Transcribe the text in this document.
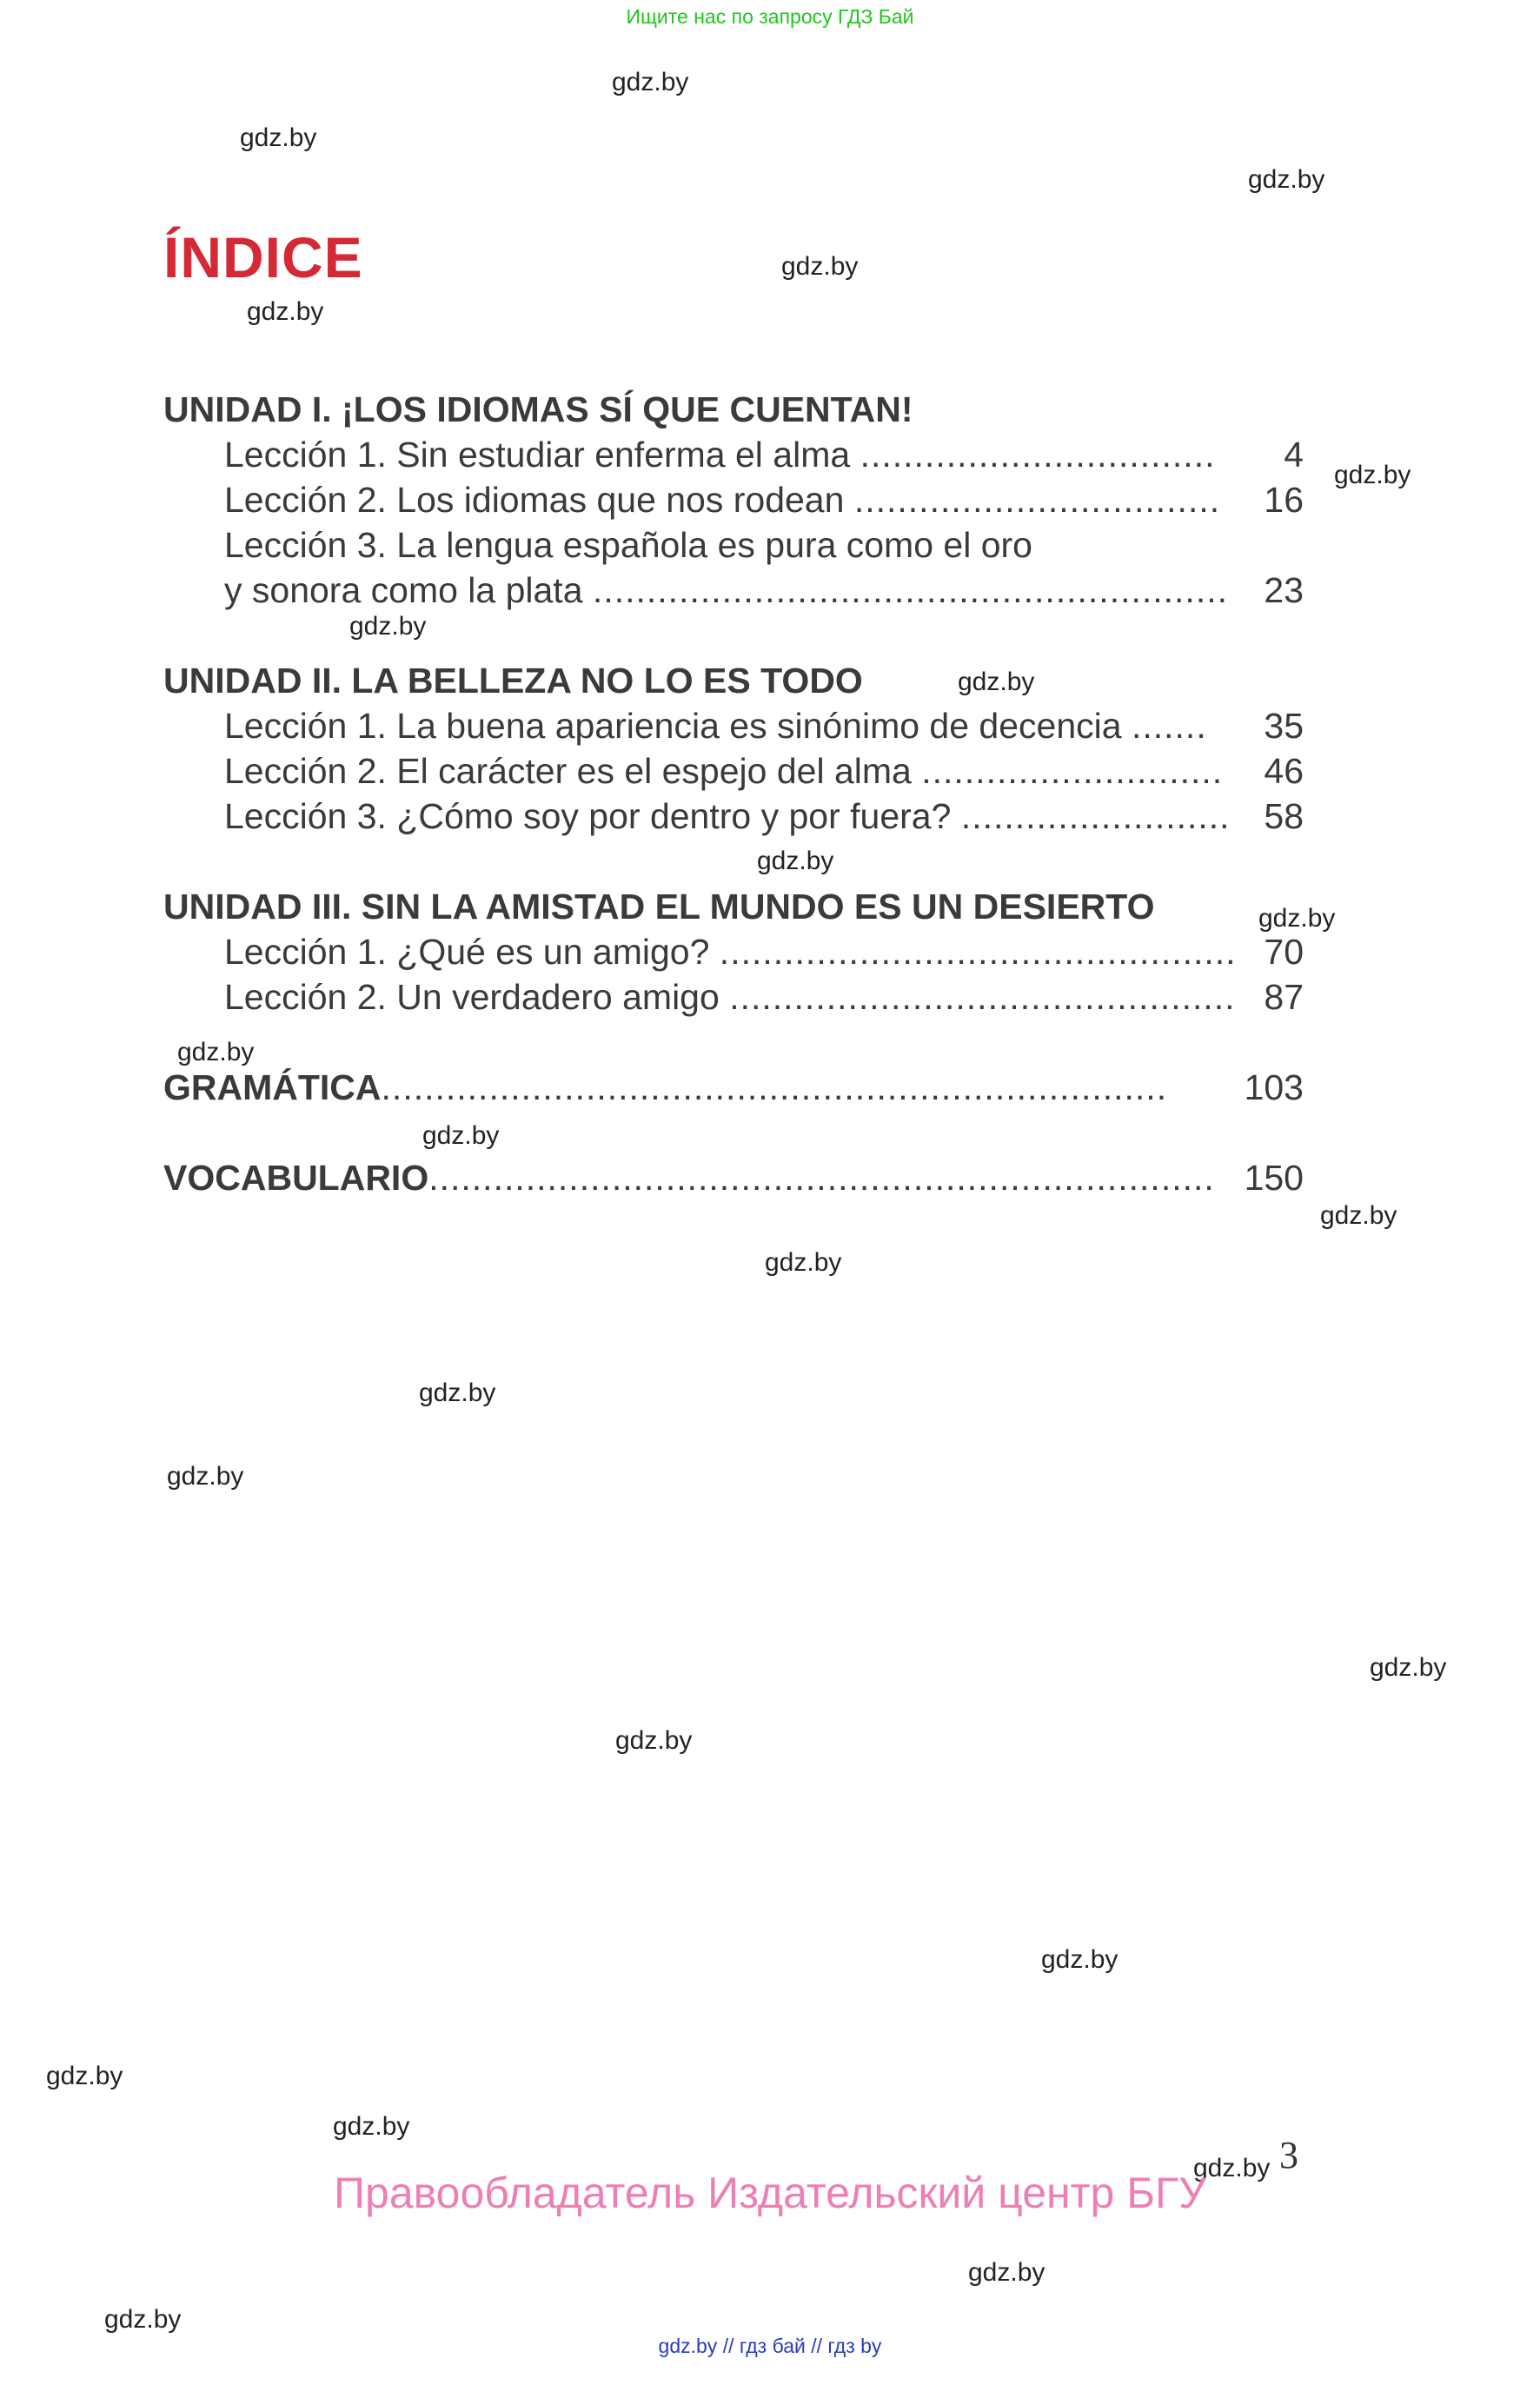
Ищите нас по запросу ГДЗ Бай
gdz.by
gdz.by
gdz.by
gdz.by
gdz.by
gdz.by
gdz.by
gdz.by
gdz.by
gdz.by
gdz.by
gdz.by
gdz.by
gdz.by
gdz.by
gdz.by
gdz.by
gdz.by
gdz.by
gdz.by
gdz.by
gdz.by
gdz.by
gdz.by
ÍNDICE
UNIDAD I. ¡LOS IDIOMAS SÍ QUE CUENTAN!
Lección 1. Sin estudiar enferma el alma .................................	4
Lección 2. Los idiomas que nos rodean ..................................	16
Lección 3. La lengua española es pura como el oro
y sonora como la plata ...........................................................	23
UNIDAD II. LA BELLEZA NO LO ES TODO
Lección 1. La buena apariencia es sinónimo de decencia .......	35
Lección 2. El carácter es el espejo del alma ............................	46
Lección 3. ¿Cómo soy por dentro y por fuera? ......................... 58
UNIDAD III. SIN LA AMISTAD EL MUNDO ES UN DESIERTO
Lección 1. ¿Qué es un amigo? ................................................ 70
Lección 2. Un verdadero amigo ............................................... 87
GRAMÁTICA.........................................................................	103
VOCABULARIO......................................................................... 150
3
Правообладатель Издательский центр БГУ
gdz.by // гдз бай // гдз by
